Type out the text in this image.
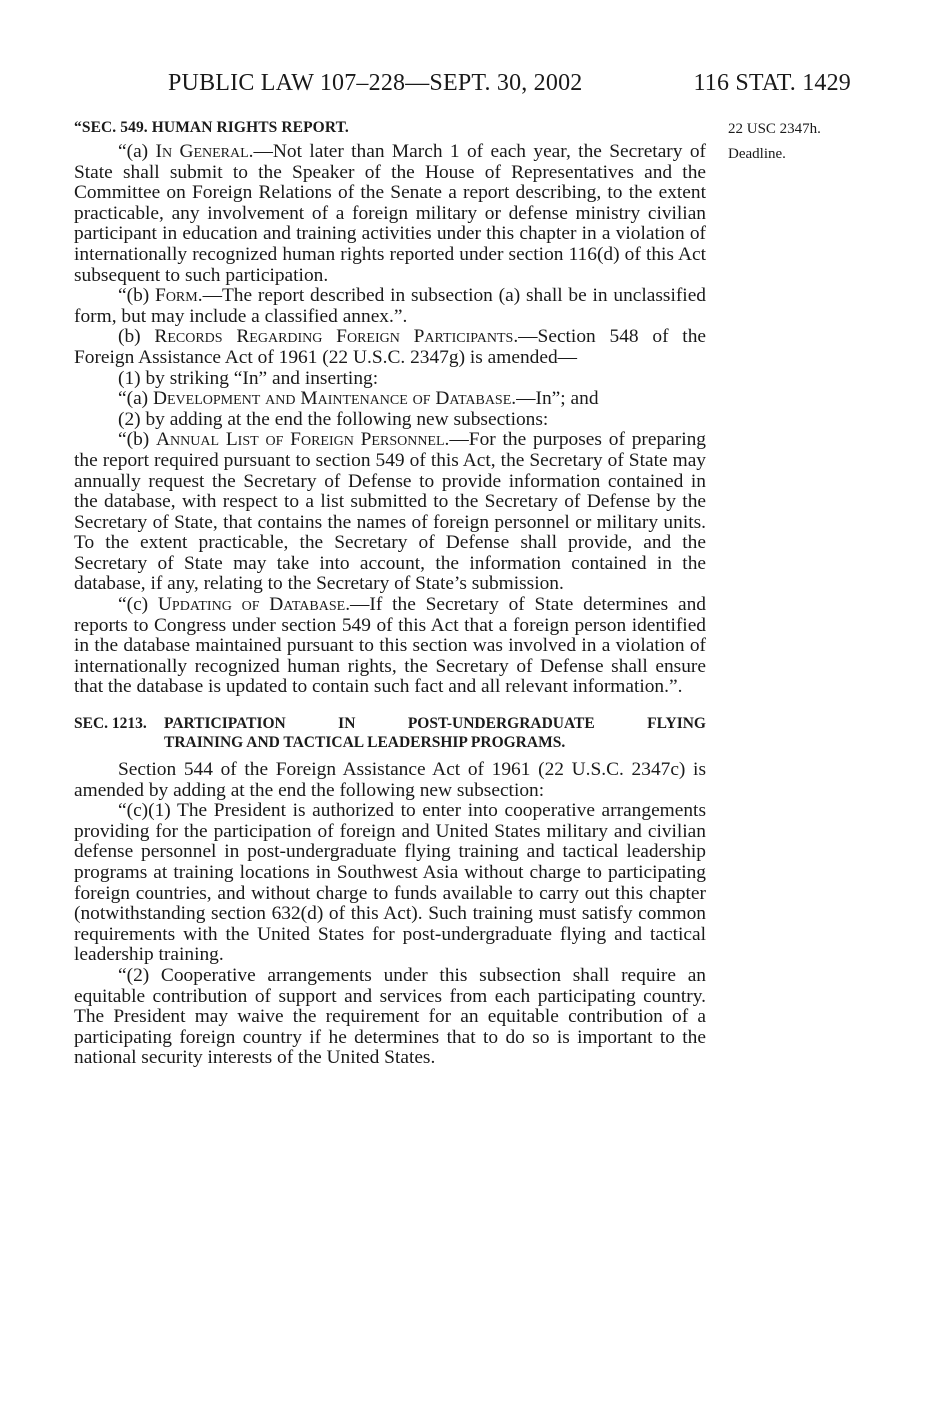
PUBLIC LAW 107–228—SEPT. 30, 2002	116 STAT. 1429
22 USC 2347h.
Deadline.
“SEC. 549. HUMAN RIGHTS REPORT.

“(a) In General.—Not later than March 1 of each year, the Secretary of State shall submit to the Speaker of the House of Representatives and the Committee on Foreign Relations of the Senate a report describing, to the extent practicable, any involvement of a foreign military or defense ministry civilian participant in education and training activities under this chapter in a violation of internationally recognized human rights reported under section 116(d) of this Act subsequent to such participation.

“(b) Form.—The report described in subsection (a) shall be in unclassified form, but may include a classified annex.”.

(b) Records Regarding Foreign Participants.—Section 548 of the Foreign Assistance Act of 1961 (22 U.S.C. 2347g) is amended—

(1) by striking “In” and inserting:

“(a) Development and Maintenance of Database.—In”; and

(2) by adding at the end the following new subsections:

“(b) Annual List of Foreign Personnel.—For the purposes of preparing the report required pursuant to section 549 of this Act, the Secretary of State may annually request the Secretary of Defense to provide information contained in the database, with respect to a list submitted to the Secretary of Defense by the Secretary of State, that contains the names of foreign personnel or military units. To the extent practicable, the Secretary of Defense shall provide, and the Secretary of State may take into account, the information contained in the database, if any, relating to the Secretary of State’s submission.

“(c) Updating of Database.—If the Secretary of State determines and reports to Congress under section 549 of this Act that a foreign person identified in the database maintained pursuant to this section was involved in a violation of internationally recognized human rights, the Secretary of Defense shall ensure that the database is updated to contain such fact and all relevant information.”.

SEC. 1213.	PARTICIPATION IN POST-UNDERGRADUATE FLYING
TRAINING AND TACTICAL LEADERSHIP PROGRAMS.

Section 544 of the Foreign Assistance Act of 1961 (22 U.S.C. 2347c) is amended by adding at the end the following new subsection:

“(c)(1) The President is authorized to enter into cooperative arrangements providing for the participation of foreign and United States military and civilian defense personnel in post-undergraduate flying training and tactical leadership programs at training locations in Southwest Asia without charge to participating foreign countries, and without charge to funds available to carry out this chapter (notwithstanding section 632(d) of this Act). Such training must satisfy common requirements with the United States for post-undergraduate flying and tactical leadership training.

“(2) Cooperative arrangements under this subsection shall require an equitable contribution of support and services from each participating country. The President may waive the requirement for an equitable contribution of a participating foreign country if he determines that to do so is important to the national security interests of the United States.
